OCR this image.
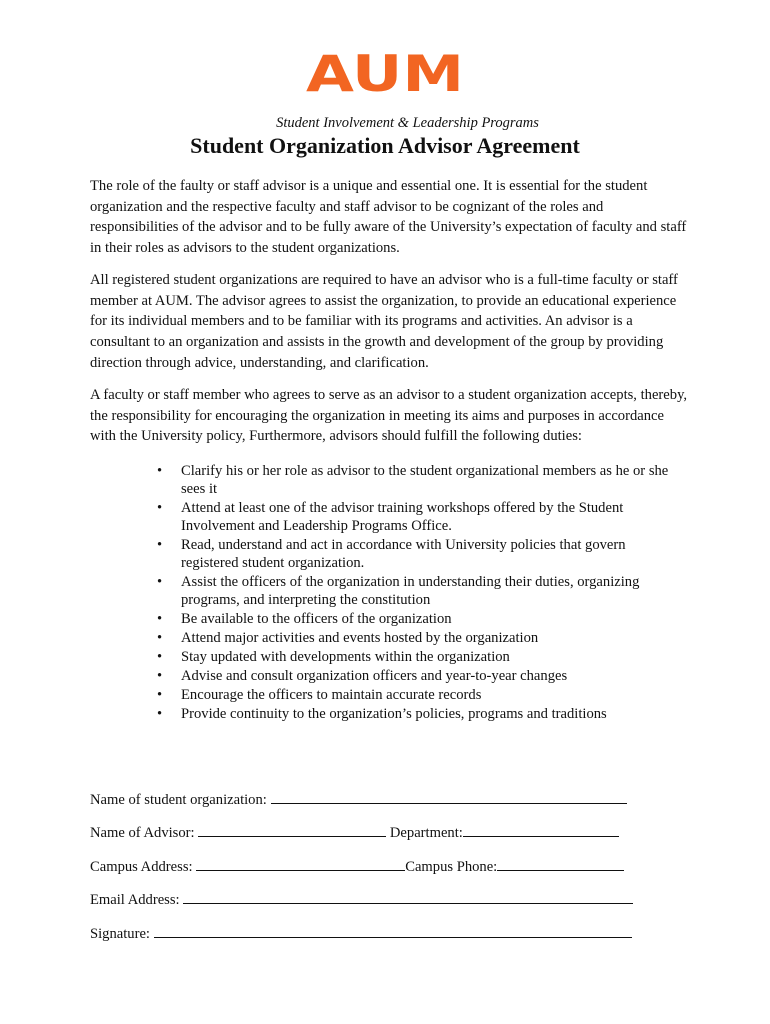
AUM
Student Involvement & Leadership Programs
Student Organization Advisor Agreement

The role of the faulty or staff advisor is a unique and essential one. It is essential for the student organization and the respective faculty and staff advisor to be cognizant of the roles and responsibilities of the advisor and to be fully aware of the University’s expectation of faculty and staff in their roles as advisors to the student organizations.

All registered student organizations are required to have an advisor who is a full-time faculty or staff member at AUM. The advisor agrees to assist the organization, to provide an educational experience for its individual members and to be familiar with its programs and activities. An advisor is a consultant to an organization and assists in the growth and development of the group by providing direction through advice, understanding, and clarification.

A faculty or staff member who agrees to serve as an advisor to a student organization accepts, thereby, the responsibility for encouraging the organization in meeting its aims and purposes in accordance with the University policy, Furthermore, advisors should fulfill the following duties:

• Clarify his or her role as advisor to the student organizational members as he or she sees it
• Attend at least one of the advisor training workshops offered by the Student Involvement and Leadership Programs Office.
• Read, understand and act in accordance with University policies that govern registered student organization.
• Assist the officers of the organization in understanding their duties, organizing programs, and interpreting the constitution
• Be available to the officers of the organization
• Attend major activities and events hosted by the organization
• Stay updated with developments within the organization
• Advise and consult organization officers and year-to-year changes
• Encourage the officers to maintain accurate records
• Provide continuity to the organization’s policies, programs and traditions
Name of student organization:
Name of Advisor:	Department:
Campus Address:	Campus Phone:
Email Address:
Signature:
